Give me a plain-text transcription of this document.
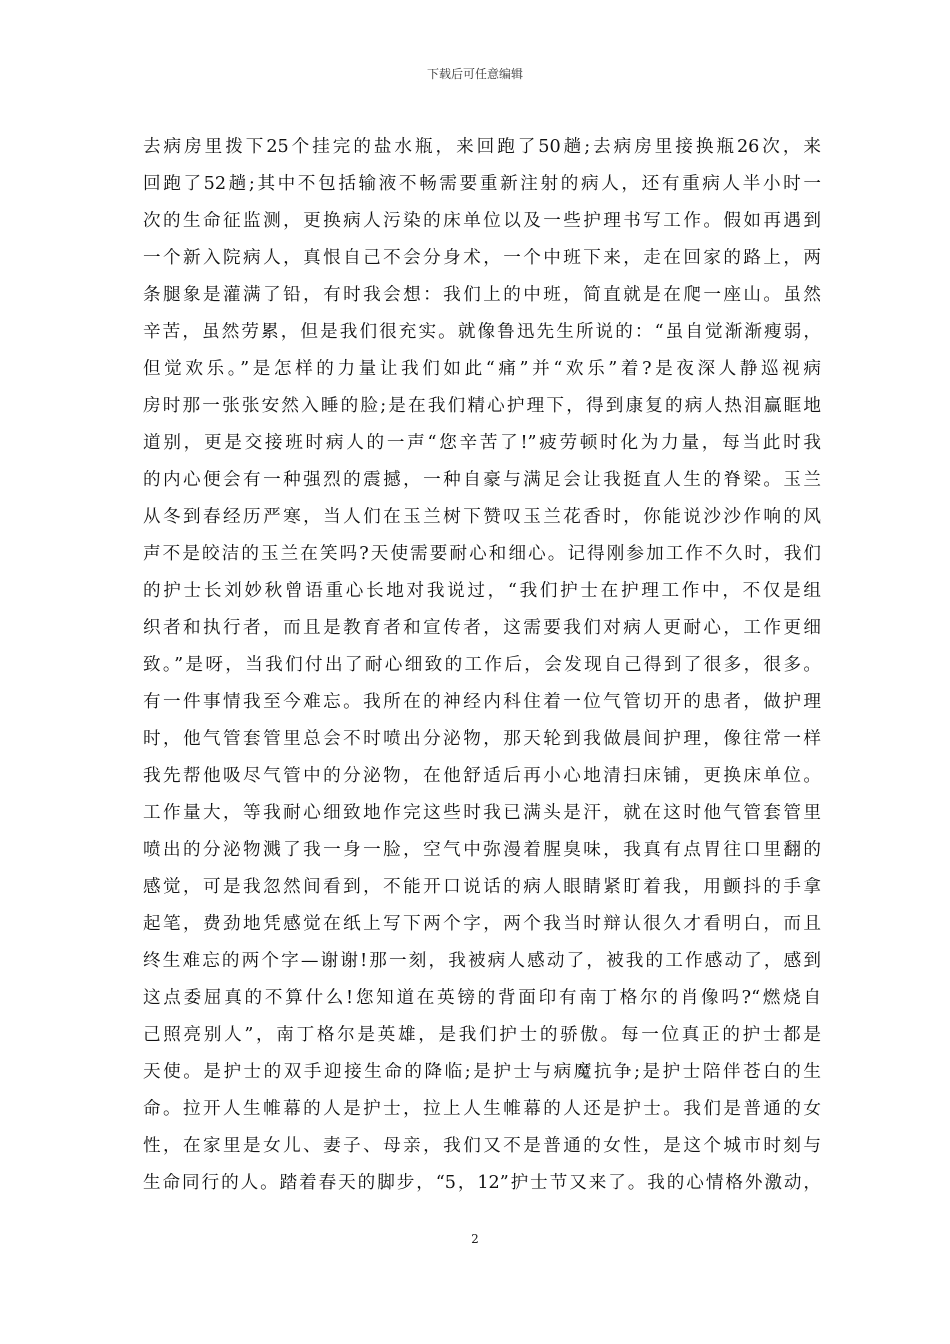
下载后可任意编辑
去病房里拨下25个挂完的盐水瓶，来回跑了50趟;去病房里接换瓶26次，来
回跑了52趟;其中不包括输液不畅需要重新注射的病人，还有重病人半小时一
次的生命征监测，更换病人污染的床单位以及一些护理书写工作。假如再遇到
一个新入院病人，真恨自己不会分身术，一个中班下来，走在回家的路上，两
条腿象是灌满了铅，有时我会想：我们上的中班，简直就是在爬一座山。虽然
辛苦，虽然劳累，但是我们很充实。就像鲁迅先生所说的：“虽自觉渐渐瘦弱，
但觉欢乐。”是怎样的力量让我们如此“痛”并“欢乐”着?是夜深人静巡视病
房时那一张张安然入睡的脸;是在我们精心护理下，得到康复的病人热泪赢眶地
道别，更是交接班时病人的一声“您辛苦了!”疲劳顿时化为力量，每当此时我
的内心便会有一种强烈的震撼，一种自豪与满足会让我挺直人生的脊梁。玉兰
从冬到春经历严寒，当人们在玉兰树下赞叹玉兰花香时，你能说沙沙作响的风
声不是皎洁的玉兰在笑吗?天使需要耐心和细心。记得刚参加工作不久时，我们
的护士长刘妙秋曾语重心长地对我说过，“我们护士在护理工作中，不仅是组
织者和执行者，而且是教育者和宣传者，这需要我们对病人更耐心，工作更细
致。”是呀，当我们付出了耐心细致的工作后，会发现自己得到了很多，很多。
有一件事情我至今难忘。我所在的神经内科住着一位气管切开的患者，做护理
时，他气管套管里总会不时喷出分泌物，那天轮到我做晨间护理，像往常一样
我先帮他吸尽气管中的分泌物，在他舒适后再小心地清扫床铺，更换床单位。
工作量大，等我耐心细致地作完这些时我已满头是汗，就在这时他气管套管里
喷出的分泌物溅了我一身一脸，空气中弥漫着腥臭味，我真有点胃往口里翻的
感觉，可是我忽然间看到，不能开口说话的病人眼睛紧盯着我，用颤抖的手拿
起笔，费劲地凭感觉在纸上写下两个字，两个我当时辩认很久才看明白，而且
终生难忘的两个字—谢谢!那一刻，我被病人感动了，被我的工作感动了，感到
这点委屈真的不算什么!您知道在英镑的背面印有南丁格尔的肖像吗?“燃烧自
己照亮别人”，南丁格尔是英雄，是我们护士的骄傲。每一位真正的护士都是
天使。是护士的双手迎接生命的降临;是护士与病魔抗争;是护士陪伴苍白的生
命。拉开人生帷幕的人是护士，拉上人生帷幕的人还是护士。我们是普通的女
性，在家里是女儿、妻子、母亲，我们又不是普通的女性，是这个城市时刻与
生命同行的人。踏着春天的脚步，“5，12”护士节又来了。我的心情格外激动，
2
